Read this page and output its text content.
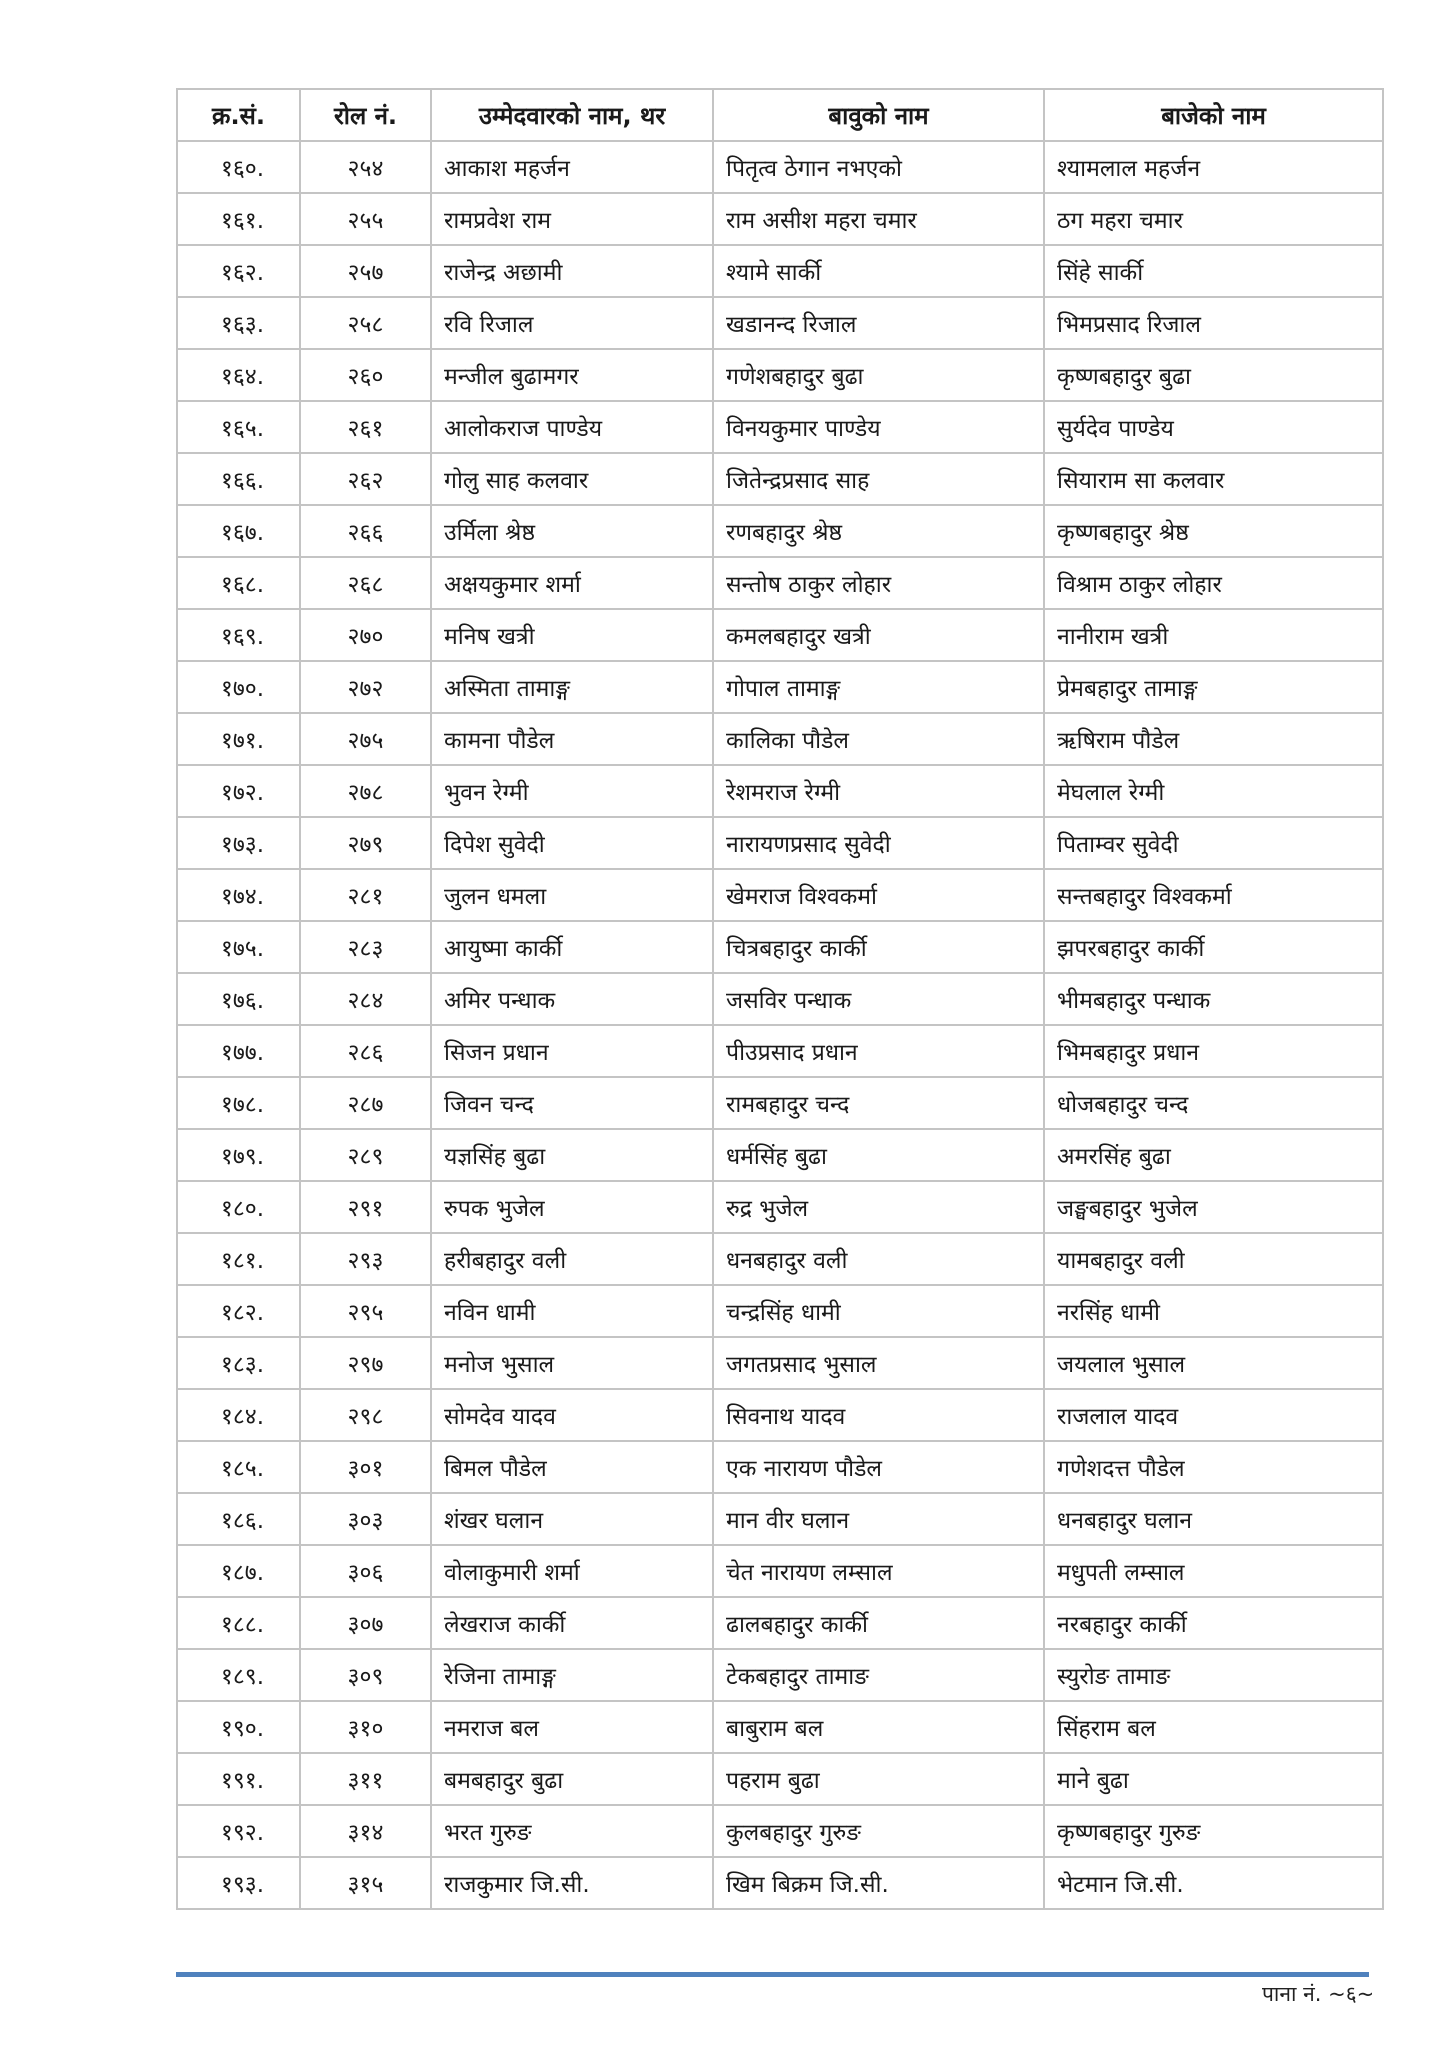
क्र.सं.	रोल नं.	उम्मेदवारको नाम, थर	बावुको नाम	बाजेको नाम
१६०.	२५४	आकाश महर्जन	पितृत्व ठेगान नभएको	श्यामलाल महर्जन
१६१.	२५५	रामप्रवेश राम	राम असीश महरा चमार	ठग महरा चमार
१६२.	२५७	राजेन्द्र अछामी	श्यामे सार्की	सिंहे सार्की
१६३.	२५८	रवि रिजाल	खडानन्द रिजाल	भिमप्रसाद रिजाल
१६४.	२६०	मन्जील बुढामगर	गणेशबहादुर बुढा	कृष्णबहादुर बुढा
१६५.	२६१	आलोकराज पाण्डेय	विनयकुमार पाण्डेय	सुर्यदेव पाण्डेय
१६६.	२६२	गोलु साह कलवार	जितेन्द्रप्रसाद साह	सियाराम सा कलवार
१६७.	२६६	उर्मिला श्रेष्ठ	रणबहादुर श्रेष्ठ	कृष्णबहादुर श्रेष्ठ
१६८.	२६८	अक्षयकुमार शर्मा	सन्तोष ठाकुर लोहार	विश्राम ठाकुर लोहार
१६९.	२७०	मनिष खत्री	कमलबहादुर खत्री	नानीराम खत्री
१७०.	२७२	अस्मिता तामाङ्ग	गोपाल तामाङ्ग	प्रेमबहादुर तामाङ्ग
१७१.	२७५	कामना पौडेल	कालिका पौडेल	ऋषिराम पौडेल
१७२.	२७८	भुवन रेग्मी	रेशमराज रेग्मी	मेघलाल रेग्मी
१७३.	२७९	दिपेश सुवेदी	नारायणप्रसाद सुवेदी	पिताम्वर सुवेदी
१७४.	२८१	जुलन धमला	खेमराज विश्वकर्मा	सन्तबहादुर विश्वकर्मा
१७५.	२८३	आयुष्मा कार्की	चित्रबहादुर कार्की	झपरबहादुर कार्की
१७६.	२८४	अमिर पन्धाक	जसविर पन्धाक	भीमबहादुर पन्धाक
१७७.	२८६	सिजन प्रधान	पीउप्रसाद प्रधान	भिमबहादुर प्रधान
१७८.	२८७	जिवन चन्द	रामबहादुर चन्द	धोजबहादुर चन्द
१७९.	२८९	यज्ञसिंह बुढा	धर्मसिंह बुढा	अमरसिंह बुढा
१८०.	२९१	रुपक भुजेल	रुद्र भुजेल	जङ्घबहादुर भुजेल
१८१.	२९३	हरीबहादुर वली	धनबहादुर वली	यामबहादुर वली
१८२.	२९५	नविन धामी	चन्द्रसिंह धामी	नरसिंह धामी
१८३.	२९७	मनोज भुसाल	जगतप्रसाद भुसाल	जयलाल भुसाल
१८४.	२९८	सोमदेव यादव	सिवनाथ यादव	राजलाल यादव
१८५.	३०१	बिमल पौडेल	एक नारायण पौडेल	गणेशदत्त पौडेल
१८६.	३०३	शंखर घलान	मान वीर घलान	धनबहादुर घलान
१८७.	३०६	वोलाकुमारी शर्मा	चेत नारायण लम्साल	मधुपती लम्साल
१८८.	३०७	लेखराज कार्की	ढालबहादुर कार्की	नरबहादुर कार्की
१८९.	३०९	रेजिना तामाङ्ग	टेकबहादुर तामाङ	स्युरोङ तामाङ
१९०.	३१०	नमराज बल	बाबुराम बल	सिंहराम बल
१९१.	३११	बमबहादुर बुढा	पहराम बुढा	माने बुढा
१९२.	३१४	भरत गुरुङ	कुलबहादुर गुरुङ	कृष्णबहादुर गुरुङ
१९३.	३१५	राजकुमार जि.सी.	खिम बिक्रम जि.सी.	भेटमान जि.सी.
पाना नं. ~६~
